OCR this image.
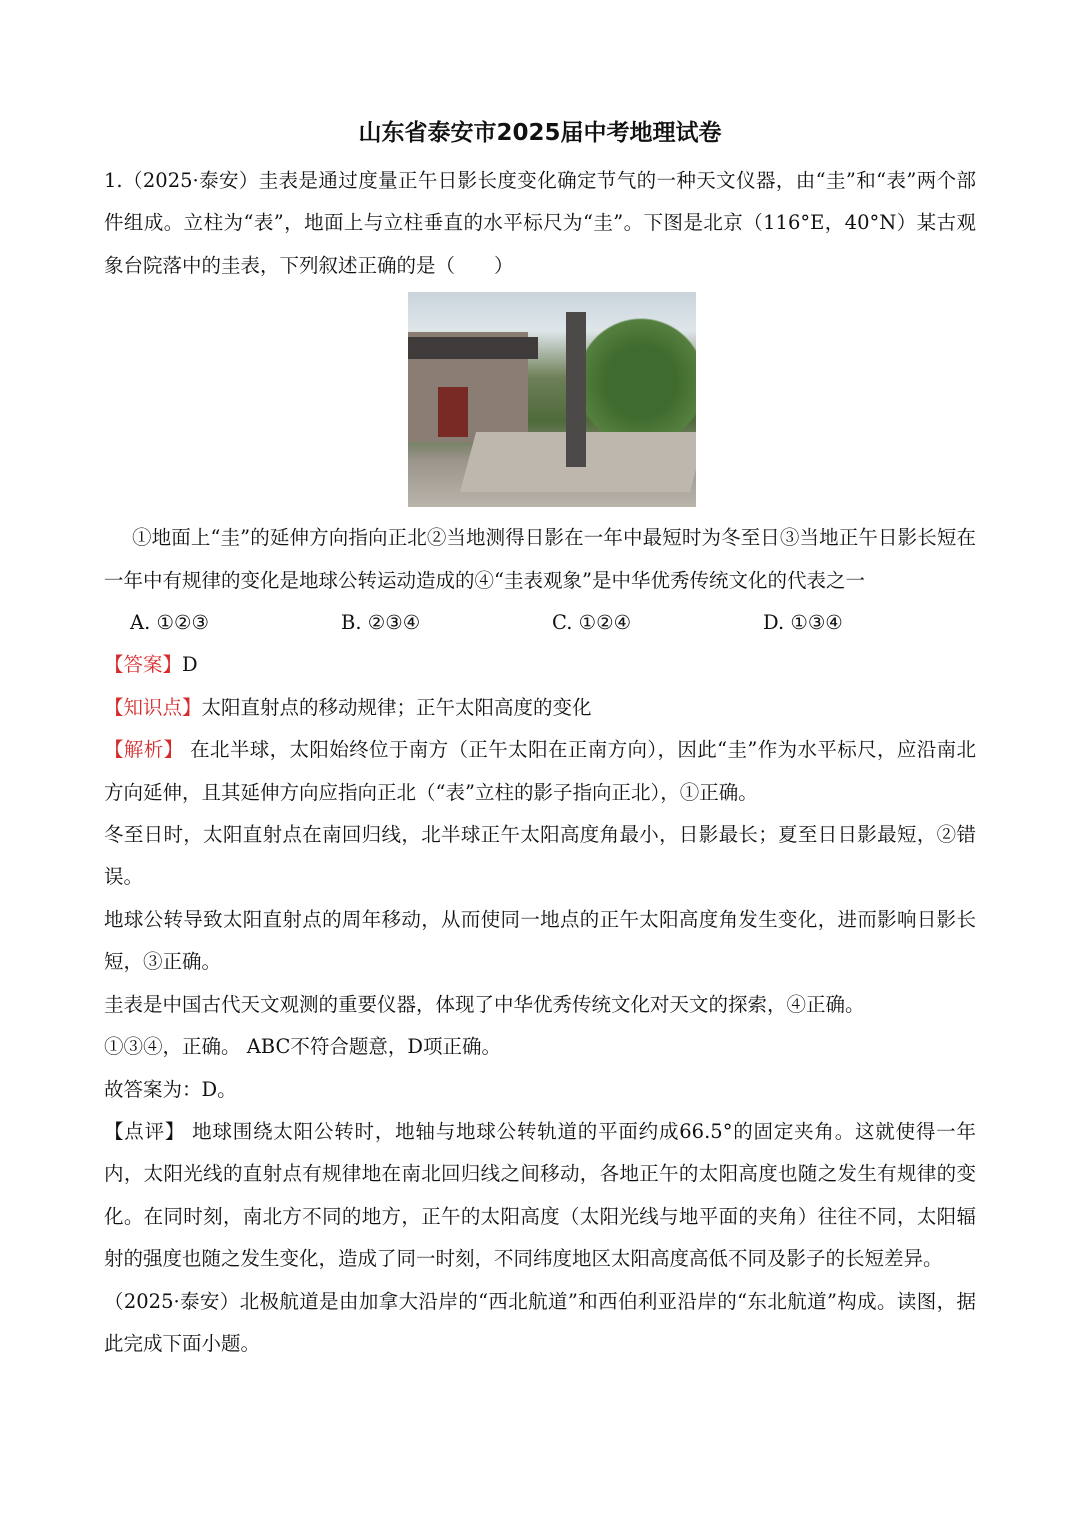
山东省泰安市2025届中考地理试卷

1.（2025·泰安）圭表是通过度量正午日影长度变化确定节气的一种天文仪器，由“圭”和“表”两个部件组成。立柱为“表”，地面上与立柱垂直的水平标尺为“圭”。下图是北京（116°E，40°N）某古观象台院落中的圭表，下列叙述正确的是（　　）

①地面上“圭”的延伸方向指向正北②当地测得日影在一年中最短时为冬至日③当地正午日影长短在一年中有规律的变化是地球公转运动造成的④“圭表观象”是中华优秀传统文化的代表之一

A. ①②③	B. ②③④	C. ①②④	D. ①③④

【答案】D

【知识点】太阳直射点的移动规律；正午太阳高度的变化

【解析】 在北半球，太阳始终位于南方（正午太阳在正南方向），因此“圭”作为水平标尺，应沿南北方向延伸，且其延伸方向应指向正北（“表”立柱的影子指向正北），①正确。

冬至日时，太阳直射点在南回归线，北半球正午太阳高度角最小，日影最长；夏至日日影最短，②错误。

地球公转导致太阳直射点的周年移动，从而使同一地点的正午太阳高度角发生变化，进而影响日影长短，③正确。

圭表是中国古代天文观测的重要仪器，体现了中华优秀传统文化对天文的探索，④正确。

①③④，正确。 ABC不符合题意，D项正确。

故答案为：D。

【点评】 地球围绕太阳公转时，地轴与地球公转轨道的平面约成66.5°的固定夹角。这就使得一年内，太阳光线的直射点有规律地在南北回归线之间移动，各地正午的太阳高度也随之发生有规律的变化。在同时刻，南北方不同的地方，正午的太阳高度（太阳光线与地平面的夹角）往往不同，太阳辐射的强度也随之发生变化，造成了同一时刻，不同纬度地区太阳高度高低不同及影子的长短差异。

（2025·泰安）北极航道是由加拿大沿岸的“西北航道”和西伯利亚沿岸的“东北航道”构成。读图，据此完成下面小题。
